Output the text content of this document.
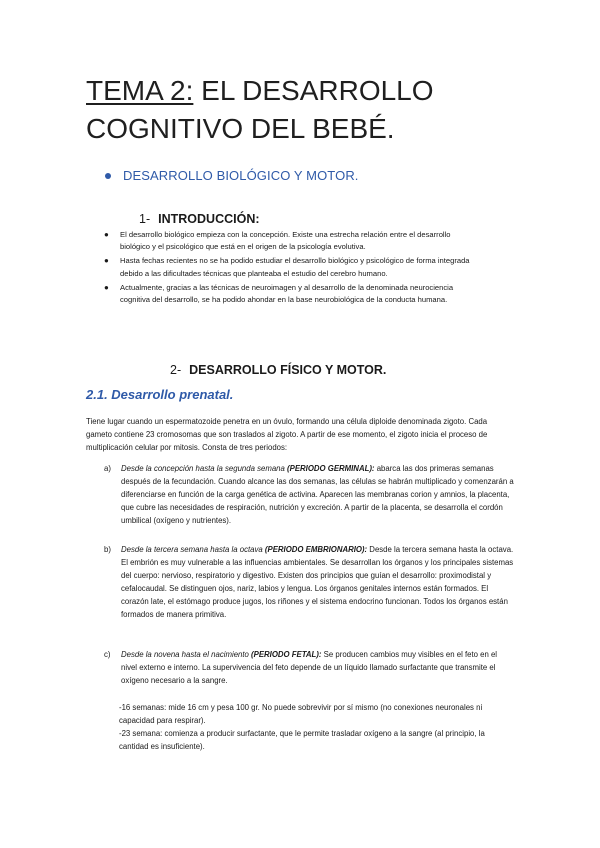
TEMA 2: EL DESARROLLO COGNITIVO DEL BEBÉ.
DESARROLLO BIOLÓGICO Y MOTOR.
1- INTRODUCCIÓN:
● El desarrollo biológico empieza con la concepción. Existe una estrecha relación entre el desarrollo biológico y el psicológico que está en el origen de la psicología evolutiva.
● Hasta fechas recientes no se ha podido estudiar el desarrollo biológico y psicológico de forma integrada debido a las dificultades técnicas que planteaba el estudio del cerebro humano.
● Actualmente, gracias a las técnicas de neuroimagen y al desarrollo de la denominada neurociencia cognitiva del desarrollo, se ha podido ahondar en la base neurobiológica de la conducta humana.
2- DESARROLLO FÍSICO Y MOTOR.
2.1. Desarrollo prenatal.

Tiene lugar cuando un espermatozoide penetra en un óvulo, formando una célula diploide denominada zigoto. Cada gameto contiene 23 cromosomas que son traslados al zigoto. A partir de ese momento, el zigoto inicia el proceso de multiplicación celular por mitosis. Consta de tres periodos:

a) Desde la concepción hasta la segunda semana (PERIODO GERMINAL): abarca las dos primeras semanas después de la fecundación. Cuando alcance las dos semanas, las células se habrán multiplicado y comenzarán a diferenciarse en función de la carga genética de activina. Aparecen las membranas corion y amnios, la placenta, que cubre las necesidades de respiración, nutrición y excreción. A partir de la placenta, se desarrolla el cordón umbilical (oxígeno y nutrientes).
b) Desde la tercera semana hasta la octava (PERIODO EMBRIONARIO): Desde la tercera semana hasta la octava. El embrión es muy vulnerable a las influencias ambientales. Se desarrollan los órganos y los principales sistemas del cuerpo: nervioso, respiratorio y digestivo. Existen dos principios que guían el desarrollo: proximodistal y cefalocaudal. Se distinguen ojos, nariz, labios y lengua. Los órganos genitales internos están formados. El corazón late, el estómago produce jugos, los riñones y el sistema endocrino funcionan. Todos los órganos están formados de manera primitiva.
c) Desde la novena hasta el nacimiento (PERIODO FETAL): Se producen cambios muy visibles en el feto en el nivel externo e interno. La supervivencia del feto depende de un líquido llamado surfactante que transmite el oxígeno necesario a la sangre.

-16 semanas: mide 16 cm y pesa 100 gr. No puede sobrevivir por sí mismo (no conexiones neuronales ni capacidad para respirar).

-23 semana: comienza a producir surfactante, que le permite trasladar oxígeno a la sangre (al principio, la cantidad es insuficiente).
